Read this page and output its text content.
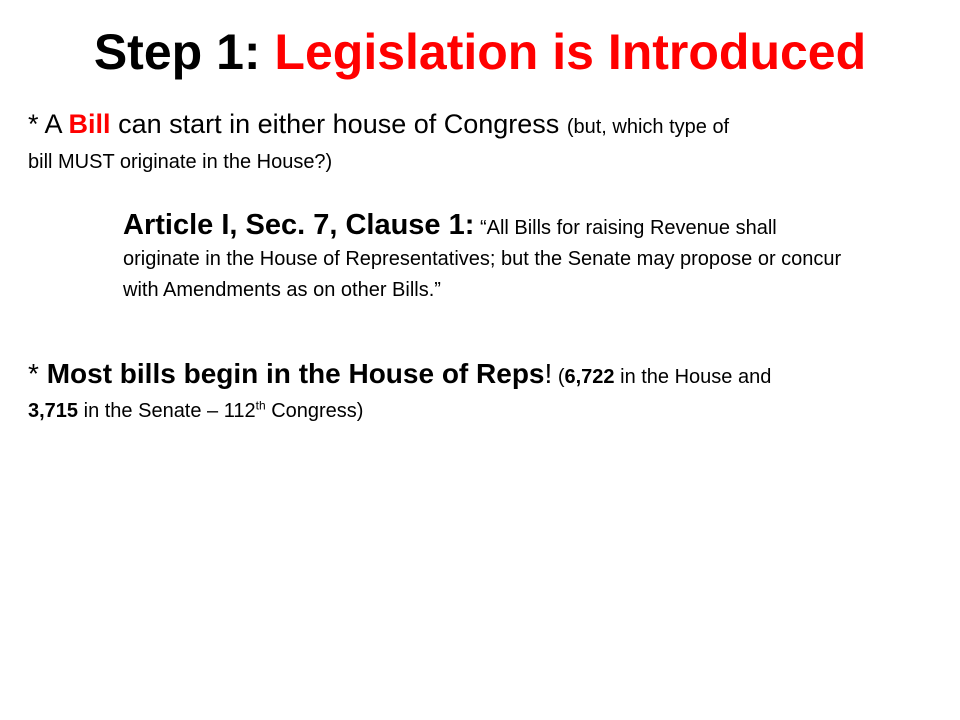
Step 1: Legislation is Introduced
* A Bill can start in either house of Congress (but, which type of
bill MUST originate in the House?)
Article I, Sec. 7, Clause 1: “All Bills for raising Revenue shall originate in the House of Representatives; but the Senate may propose or concur with Amendments as on other Bills.”
* Most bills begin in the House of Reps! (6,722 in the House and
3,715 in the Senate – 112th Congress)
